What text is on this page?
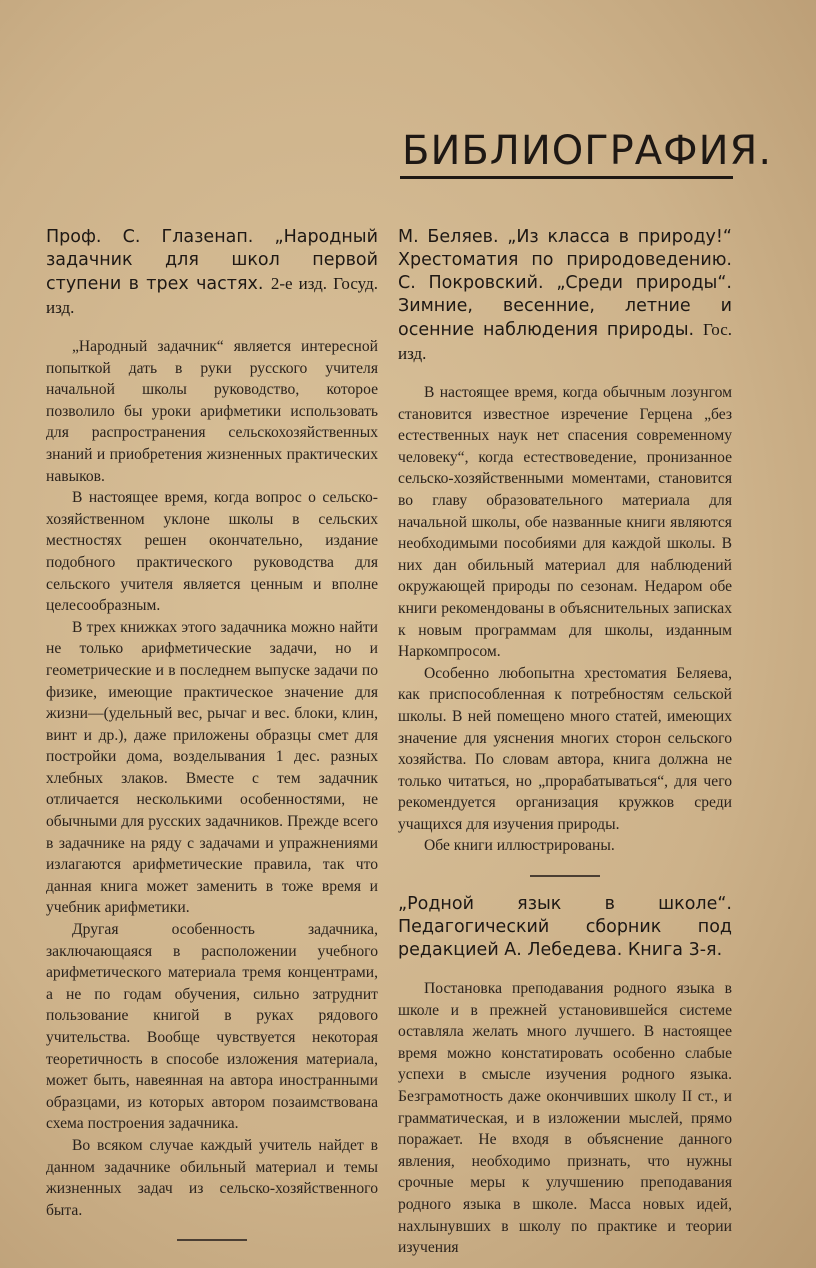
БИБЛИОГРАФИЯ.

Проф. С. Глазенап. „Народный задачник для школ первой ступени в трех частях. 2-е изд. Госуд. изд.

„Народный задачник“ является интересной попыткой дать в руки русского учителя начальной школы руководство, которое позволило бы уроки арифметики использовать для распространения сельскохозяйственных знаний и приобретения жизненных практических навыков.

В настоящее время, когда вопрос о сельско-хозяйственном уклоне школы в сельских местностях решен окончательно, издание подобного практического руководства для сельского учителя является ценным и вполне целесообразным.

В трех книжках этого задачника можно найти не только арифметические задачи, но и геометрические и в последнем выпуске задачи по физике, имеющие практическое значение для жизни—(удельный вес, рычаг и вес. блоки, клин, винт и др.), даже приложены образцы смет для постройки дома, возделывания 1 дес. разных хлебных злаков. Вместе с тем задачник отличается несколькими особенностями, не обычными для русских задачников. Прежде всего в задачнике на ряду с задачами и упражнениями излагаются арифметические правила, так что данная книга может заменить в тоже время и учебник арифметики.

Другая особенность задачника, заключающаяся в расположении учебного арифметического материала тремя концентрами, а не по годам обучения, сильно затруднит пользование книгой в руках рядового учительства. Вообще чувствуется некоторая теоретичность в способе изложения материала, может быть, навеянная на автора иностранными образцами, из которых автором позаимствована схема построения задачника.

Во всяком случае каждый учитель найдет в данном задачнике обильный материал и темы жизненных задач из сельско-хозяйственного быта.

М. Беляев. „Из класса в природу!“ Хрестоматия по природоведению. С. Покровский. „Среди природы“. Зимние, весенние, летние и осенние наблюдения природы. Гос. изд.

В настоящее время, когда обычным лозунгом становится известное изречение Герцена „без естественных наук нет спасения современному человеку“, когда естествоведение, пронизанное сельско-хозяйственными моментами, становится во главу образовательного материала для начальной школы, обе названные книги являются необходимыми пособиями для каждой школы. В них дан обильный материал для наблюдений окружающей природы по сезонам. Недаром обе книги рекомендованы в объяснительных записках к новым программам для школы, изданным Наркомпросом.

Особенно любопытна хрестоматия Беляева, как приспособленная к потребностям сельской школы. В ней помещено много статей, имеющих значение для уяснения многих сторон сельского хозяйства. По словам автора, книга должна не только читаться, но „прорабатываться“, для чего рекомендуется организация кружков среди учащихся для изучения природы.

Обе книги иллюстрированы.

„Родной язык в школе“. Педагогический сборник под редакцией А. Лебедева. Книга 3-я.

Постановка преподавания родного языка в школе и в прежней установившейся системе оставляла желать много лучшего. В настоящее время можно констатировать особенно слабые успехи в смысле изучения родного языка. Безграмотность даже окончивших школу II ст., и грамматическая, и в изложении мыслей, прямо поражает. Не входя в объяснение данного явления, необходимо признать, что нужны срочные меры к улучшению преподавания родного языка в школе. Масса новых идей, нахлынувших в школу по практике и теории изучения
